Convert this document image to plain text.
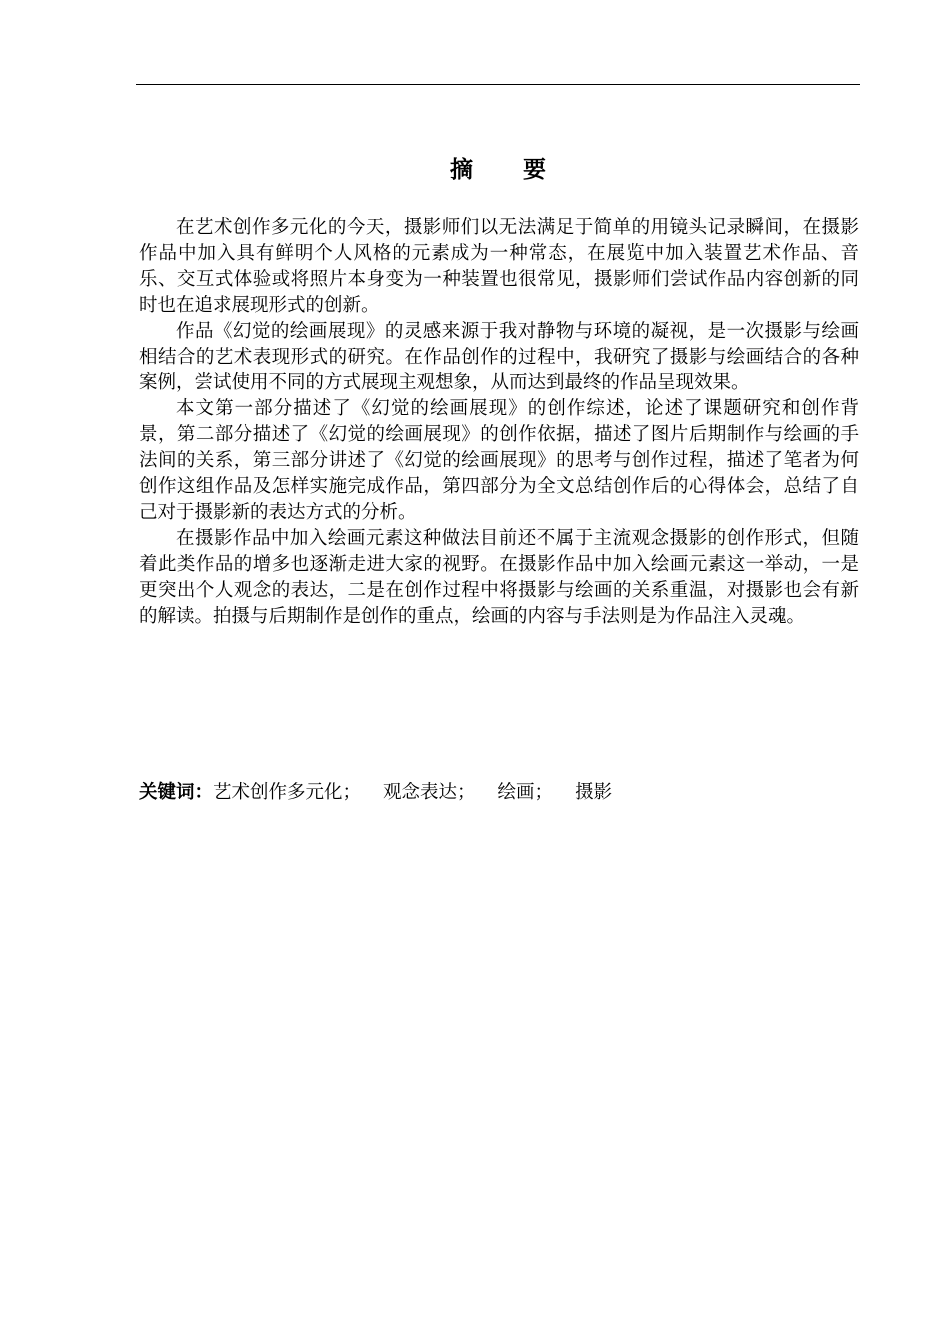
摘要

在艺术创作多元化的今天，摄影师们以无法满足于简单的用镜头记录瞬间，在摄影作品中加入具有鲜明个人风格的元素成为一种常态，在展览中加入装置艺术作品、音乐、交互式体验或将照片本身变为一种装置也很常见，摄影师们尝试作品内容创新的同时也在追求展现形式的创新。

作品《幻觉的绘画展现》的灵感来源于我对静物与环境的凝视，是一次摄影与绘画相结合的艺术表现形式的研究。在作品创作的过程中，我研究了摄影与绘画结合的各种案例，尝试使用不同的方式展现主观想象，从而达到最终的作品呈现效果。

本文第一部分描述了《幻觉的绘画展现》的创作综述，论述了课题研究和创作背景，第二部分描述了《幻觉的绘画展现》的创作依据，描述了图片后期制作与绘画的手法间的关系，第三部分讲述了《幻觉的绘画展现》的思考与创作过程，描述了笔者为何创作这组作品及怎样实施完成作品，第四部分为全文总结创作后的心得体会，总结了自己对于摄影新的表达方式的分析。

在摄影作品中加入绘画元素这种做法目前还不属于主流观念摄影的创作形式，但随着此类作品的增多也逐渐走进大家的视野。在摄影作品中加入绘画元素这一举动，一是更突出个人观念的表达，二是在创作过程中将摄影与绘画的关系重温，对摄影也会有新的解读。拍摄与后期制作是创作的重点，绘画的内容与手法则是为作品注入灵魂。

关键词：艺术创作多元化； 观念表达； 绘画； 摄影
